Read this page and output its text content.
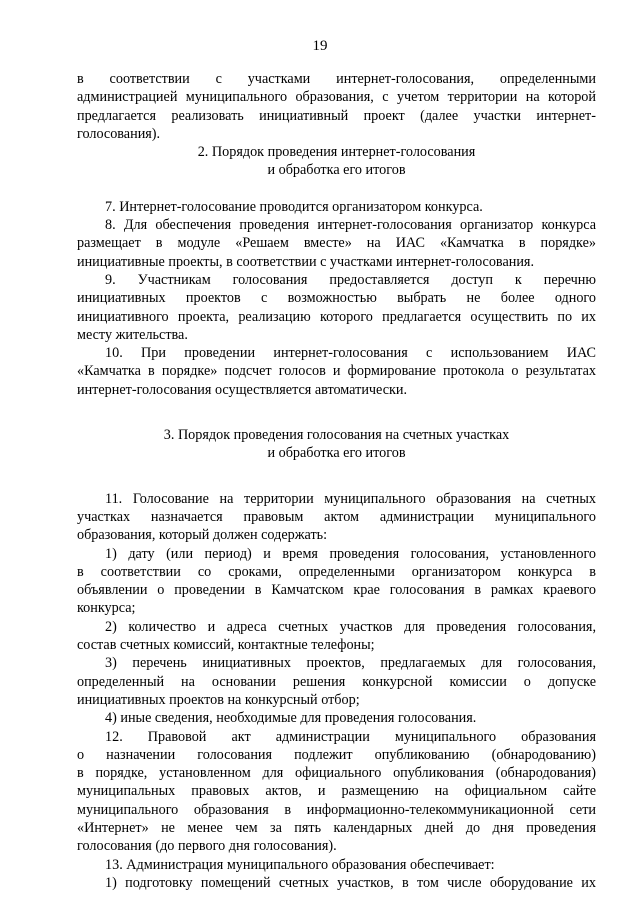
19
в соответствии с участками интернет-голосования, определенными
администрацией муниципального образования, с учетом территории на которой
предлагается реализовать инициативный проект (далее участки интернет-
голосования).
2. Порядок проведения интернет-голосования
и обработка его итогов
7. Интернет-голосование проводится организатором конкурса.
8. Для обеспечения проведения интернет-голосования организатор конкурса
размещает в модуле «Решаем вместе» на ИАС «Камчатка в порядке»
инициативные проекты, в соответствии с участками интернет-голосования.
9. Участникам голосования предоставляется доступ к перечню
инициативных проектов с возможностью выбрать не более одного
инициативного проекта, реализацию которого предлагается осуществить по их
месту жительства.
10. При проведении интернет-голосования с использованием ИАС
«Камчатка в порядке» подсчет голосов и формирование протокола о результатах
интернет-голосования осуществляется автоматически.
3. Порядок проведения голосования на счетных участках
и обработка его итогов
11. Голосование на территории муниципального образования на счетных
участках назначается правовым актом администрации муниципального
образования, который должен содержать:
1) дату (или период) и время проведения голосования, установленного
в соответствии со сроками, определенными организатором конкурса в
объявлении о проведении в Камчатском крае голосования в рамках краевого
конкурса;
2) количество и адреса счетных участков для проведения голосования,
состав счетных комиссий, контактные телефоны;
3) перечень инициативных проектов, предлагаемых для голосования,
определенный на основании решения конкурсной комиссии о допуске
инициативных проектов на конкурсный отбор;
4) иные сведения, необходимые для проведения голосования.
12. Правовой акт администрации муниципального образования
о назначении голосования подлежит опубликованию (обнародованию)
в порядке, установленном для официального опубликования (обнародования)
муниципальных правовых актов, и размещению на официальном сайте
муниципального образования в информационно-телекоммуникационной сети
«Интернет» не менее чем за пять календарных дней до дня проведения
голосования (до первого дня голосования).
13. Администрация муниципального образования обеспечивает:
1) подготовку помещений счетных участков, в том числе оборудование их
